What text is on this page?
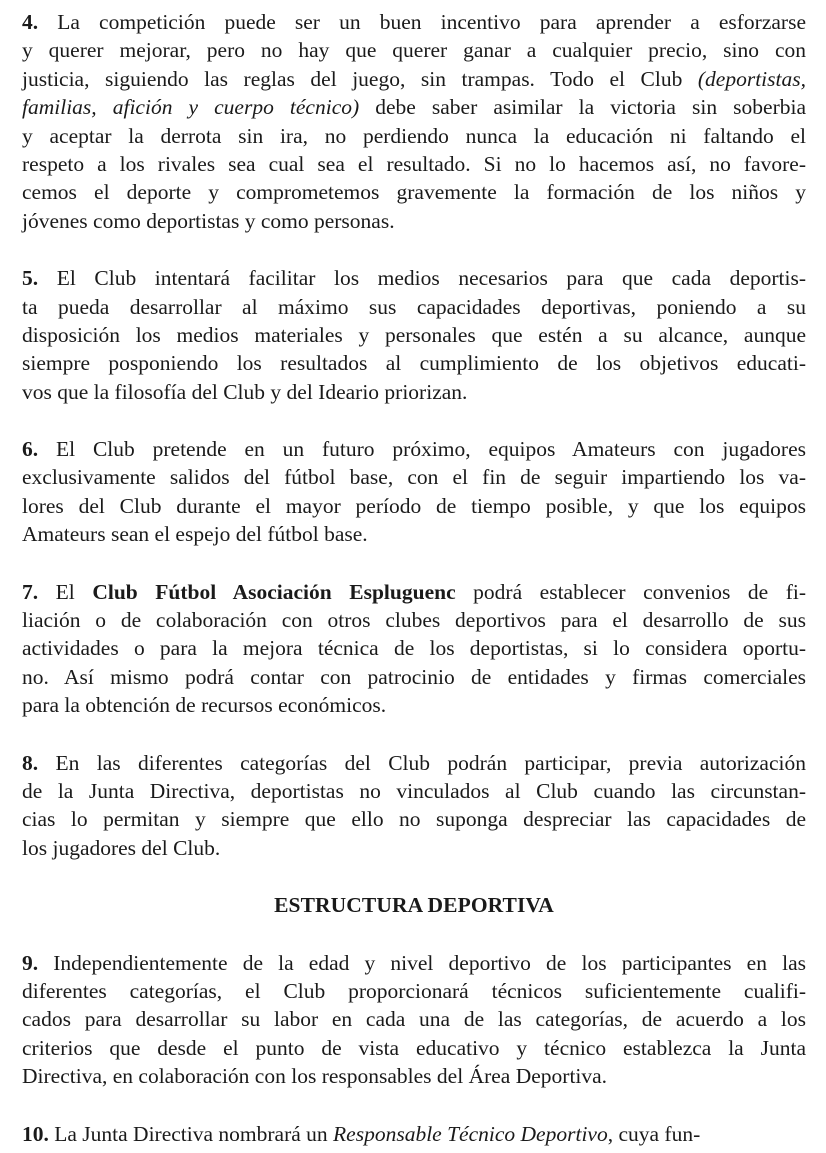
4. La competición puede ser un buen incentivo para aprender a esforzarse
y querer mejorar, pero no hay que querer ganar a cualquier precio, sino con
justicia, siguiendo las reglas del juego, sin trampas. Todo el Club (deportistas,
familias, afición y cuerpo técnico) debe saber asimilar la victoria sin soberbia
y aceptar la derrota sin ira, no perdiendo nunca la educación ni faltando el
respeto a los rivales sea cual sea el resultado. Si no lo hacemos así, no favore-
cemos el deporte y comprometemos gravemente la formación de los niños y
jóvenes como deportistas y como personas.
5. El Club intentará facilitar los medios necesarios para que cada deportis-
ta pueda desarrollar al máximo sus capacidades deportivas, poniendo a su
disposición los medios materiales y personales que estén a su alcance, aunque
siempre posponiendo los resultados al cumplimiento de los objetivos educati-
vos que la filosofía del Club y del Ideario priorizan.
6. El Club pretende en un futuro próximo, equipos Amateurs con jugadores
exclusivamente salidos del fútbol base, con el fin de seguir impartiendo los va-
lores del Club durante el mayor período de tiempo posible, y que los equipos
Amateurs sean el espejo del fútbol base.
7. El Club Fútbol Asociación Espluguenc podrá establecer convenios de fi-
liación o de colaboración con otros clubes deportivos para el desarrollo de sus
actividades o para la mejora técnica de los deportistas, si lo considera oportu-
no. Así mismo podrá contar con patrocinio de entidades y firmas comerciales
para la obtención de recursos económicos.
8. En las diferentes categorías del Club podrán participar, previa autorización
de la Junta Directiva, deportistas no vinculados al Club cuando las circunstan-
cias lo permitan y siempre que ello no suponga despreciar las capacidades de
los jugadores del Club.
ESTRUCTURA DEPORTIVA
9. Independientemente de la edad y nivel deportivo de los participantes en las
diferentes categorías, el Club proporcionará técnicos suficientemente cualifi-
cados para desarrollar su labor en cada una de las categorías, de acuerdo a los
criterios que desde el punto de vista educativo y técnico establezca la Junta
Directiva, en colaboración con los responsables del Área Deportiva.
10. La Junta Directiva nombrará un Responsable Técnico Deportivo, cuya fun-
